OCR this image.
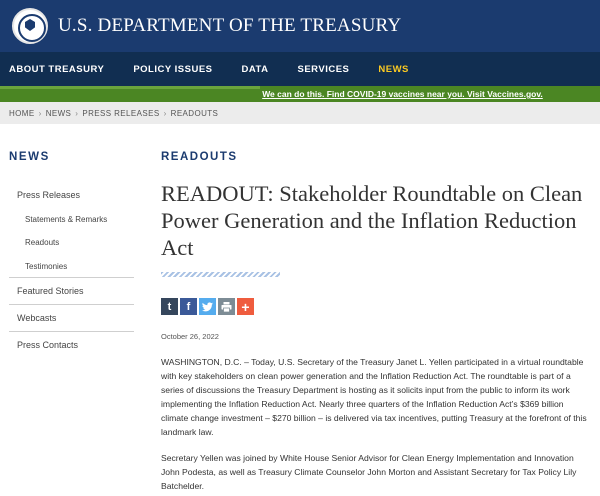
U.S. DEPARTMENT OF THE TREASURY
ABOUT TREASURY	POLICY ISSUES	DATA	SERVICES	NEWS
We can do this. Find COVID-19 vaccines near you. Visit Vaccines.gov.
HOME › NEWS › PRESS RELEASES › READOUTS
NEWS
Press Releases
Statements & Remarks
Readouts
Testimonies
Featured Stories
Webcasts
Press Contacts
READOUTS
READOUT: Stakeholder Roundtable on Clean Power Generation and the Inflation Reduction Act
t	f	+
October 26, 2022

WASHINGTON, D.C. – Today, U.S. Secretary of the Treasury Janet L. Yellen participated in a virtual roundtable with key stakeholders on clean power generation and the Inflation Reduction Act. The roundtable is part of a series of discussions the Treasury Department is hosting as it solicits input from the public to inform its work implementing the Inflation Reduction Act. Nearly three quarters of the Inflation Reduction Act’s $369 billion climate change investment – $270 billion – is delivered via tax incentives, putting Treasury at the forefront of this landmark law.

Secretary Yellen was joined by White House Senior Advisor for Clean Energy Implementation and Innovation John Podesta, as well as Treasury Climate Counselor John Morton and Assistant Secretary for Tax Policy Lily Batchelder.
